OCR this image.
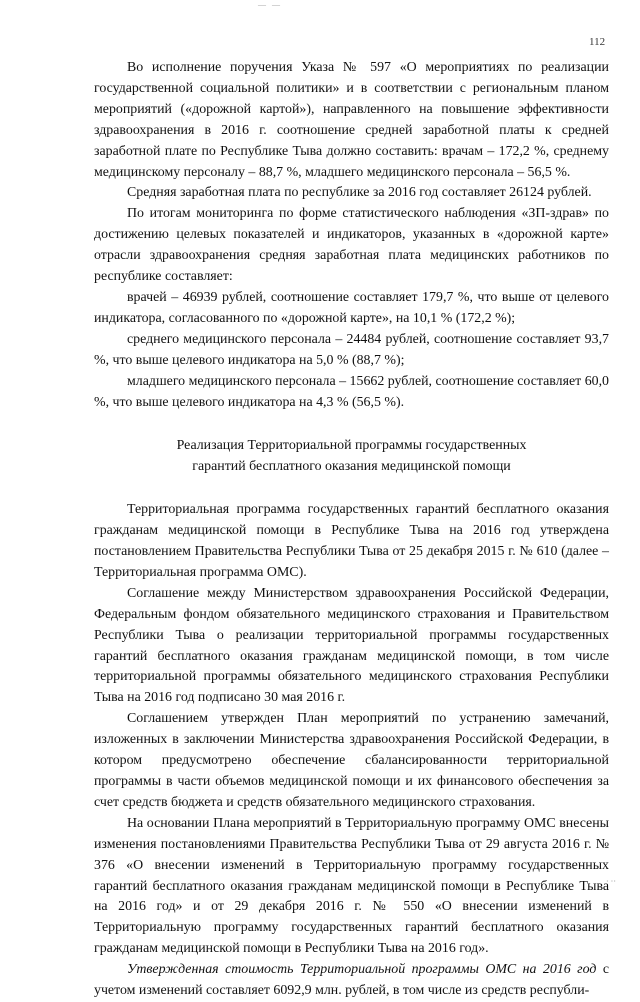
— —
112

Во исполнение поручения Указа № 597 «О мероприятиях по реализации государственной социальной политики» и в соответствии с региональным планом мероприятий («дорожной картой»), направленного на повышение эффективности здравоохранения в 2016 г. соотношение средней заработной платы к средней заработной плате по Республике Тыва должно составить: врачам – 172,2 %, среднему медицинскому персоналу – 88,7 %, младшего медицинского персонала – 56,5 %.

Средняя заработная плата по республике за 2016 год составляет 26124 рублей.

По итогам мониторинга по форме статистического наблюдения «ЗП-здрав» по достижению целевых показателей и индикаторов, указанных в «дорожной карте» отрасли здравоохранения средняя заработная плата медицинских работников по республике составляет:

врачей – 46939 рублей, соотношение составляет 179,7 %, что выше от целевого индикатора, согласованного по «дорожной карте», на 10,1 % (172,2 %);

среднего медицинского персонала – 24484 рублей, соотношение составляет 93,7 %, что выше целевого индикатора на 5,0 % (88,7 %);

младшего медицинского персонала – 15662 рублей, соотношение составляет 60,0 %, что выше целевого индикатора на 4,3 % (56,5 %).

Реализация Территориальной программы государственных
гарантий бесплатного оказания медицинской помощи

Территориальная программа государственных гарантий бесплатного оказания гражданам медицинской помощи в Республике Тыва на 2016 год утверждена постановлением Правительства Республики Тыва от 25 декабря 2015 г. № 610 (далее – Территориальная программа ОМС).

Соглашение между Министерством здравоохранения Российской Федерации, Федеральным фондом обязательного медицинского страхования и Правительством Республики Тыва о реализации территориальной программы государственных гарантий бесплатного оказания гражданам медицинской помощи, в том числе территориальной программы обязательного медицинского страхования Республики Тыва на 2016 год подписано 30 мая 2016 г.

Соглашением утвержден План мероприятий по устранению замечаний, изложенных в заключении Министерства здравоохранения Российской Федерации, в котором предусмотрено обеспечение сбалансированности территориальной программы в части объемов медицинской помощи и их финансового обеспечения за счет средств бюджета и средств обязательного медицинского страхования.

На основании Плана мероприятий в Территориальную программу ОМС внесены изменения постановлениями Правительства Республики Тыва от 29 августа 2016 г. № 376 «О внесении изменений в Территориальную программу государственных гарантий бесплатного оказания гражданам медицинской помощи в Республике Тыва на 2016 год» и от 29 декабря 2016 г. № 550 «О внесении изменений в Территориальную программу государственных гарантий бесплатного оказания гражданам медицинской помощи в Республики Тыва на 2016 год».

Утвержденная стоимость Территориальной программы ОМС на 2016 год с учетом изменений составляет 6092,9 млн. рублей, в том числе из средств республи-

· ··
